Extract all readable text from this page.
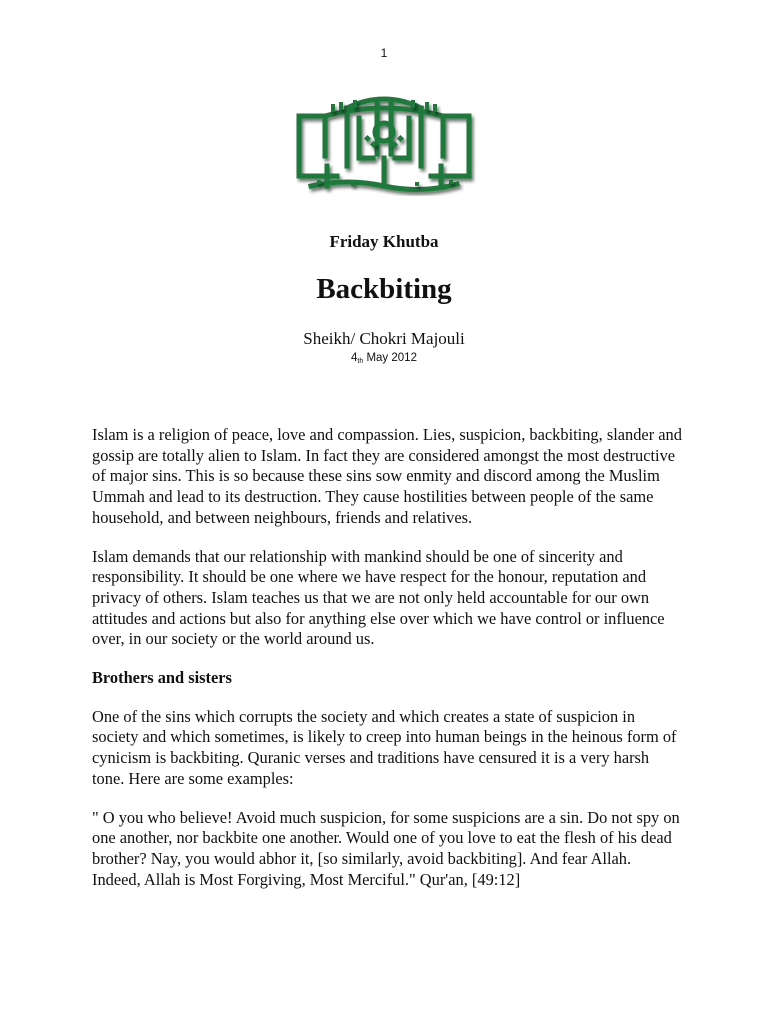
1
Friday Khutba
Backbiting
Sheikh/ Chokri Majouli
4th May 2012

Islam is a religion of peace, love and compassion. Lies, suspicion, backbiting, slander and gossip are totally alien to Islam. In fact they are considered amongst the most destructive of major sins. This is so because these sins sow enmity and discord among the Muslim Ummah and lead to its destruction. They cause hostilities between people of the same household, and between neighbours, friends and relatives.

Islam demands that our relationship with mankind should be one of sincerity and responsibility. It should be one where we have respect for the honour, reputation and privacy of others. Islam teaches us that we are not only held accountable for our own attitudes and actions but also for anything else over which we have control or influence over, in our society or the world around us.

Brothers and sisters

One of the sins which corrupts the society and which creates a state of suspicion in society and which sometimes, is likely to creep into human beings in the heinous form of cynicism is backbiting. Quranic verses and traditions have censured it is a very harsh tone. Here are some examples:

" O you who believe! Avoid much suspicion, for some suspicions are a sin. Do not spy on one another, nor backbite one another. Would one of you love to eat the flesh of his dead brother? Nay, you would abhor it, [so similarly, avoid backbiting]. And fear Allah. Indeed, Allah is Most Forgiving, Most Merciful." Qur'an, [49:12]
